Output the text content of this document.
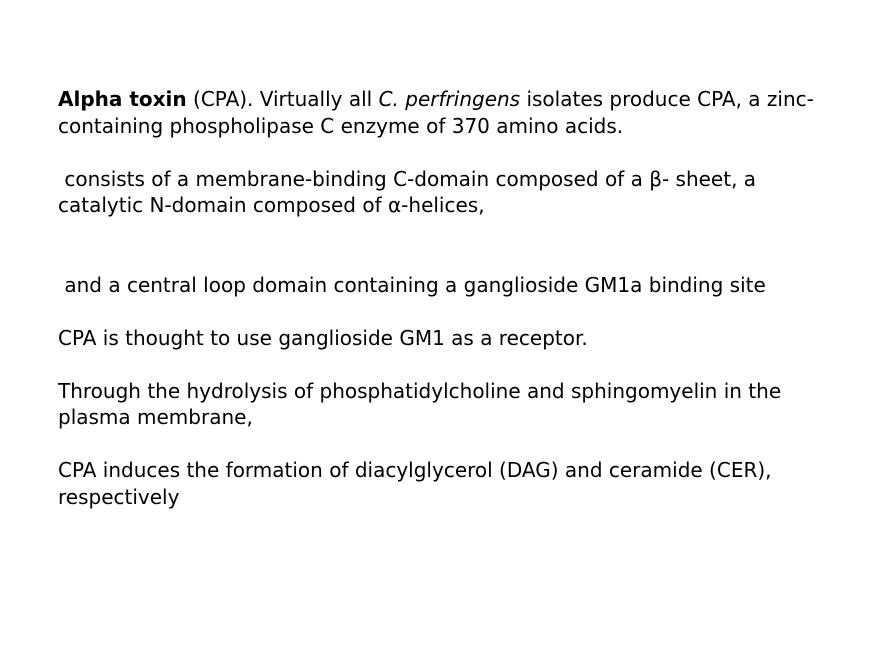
Alpha toxin (CPA). Virtually all C. perfringens isolates produce CPA, a zinc-containing phospholipase C enzyme of 370 amino acids.

consists of a membrane-binding C-domain composed of a β- sheet, a catalytic N-domain composed of α-helices,

and a central loop domain containing a ganglioside GM1a binding site

CPA is thought to use ganglioside GM1 as a receptor.

Through the hydrolysis of phosphatidylcholine and sphingomyelin in the plasma membrane,

CPA induces the formation of diacylglycerol (DAG) and ceramide (CER), respectively
